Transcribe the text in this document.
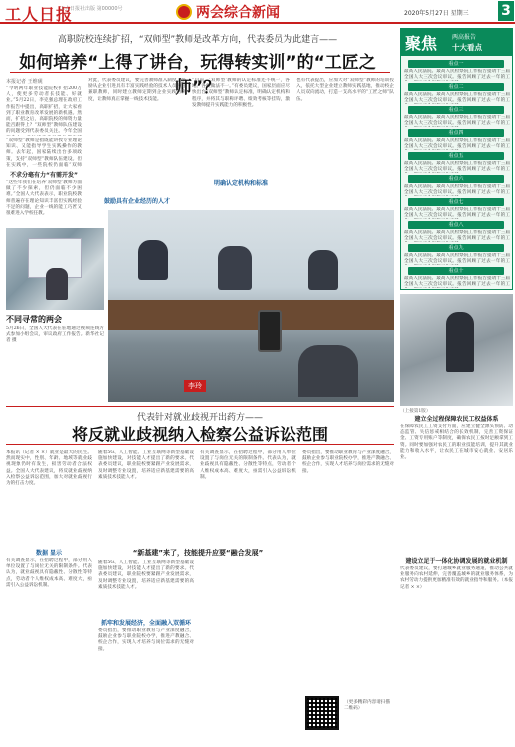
工人日报
工人日报社出版 第00000号	两会综合新闻	2020年5月27日 星期三 3
高职院校连续扩招，“双师型”教师是改革方向，代表委员为此建言——
如何培养“上得了讲台，玩得转实训”的“工匠之师”？
本报记者 王维砚
“今明两年职业技能院校扩招200万人，使更多劳动者长技能、好就业。”5月22日，李克强总理在政府工作报告中提出，高职扩招，让大家看到了职业教育改革发展的新机遇。然而，扩招之后，高职院校的师资力量能否跟得上？“双师型”教师队伍建设的问题受到代表委员关注。今年全国
“双师型”教师是指既能讲授专业理论知识、又能指导学生实践操作的教师。去年起，国家陆续出台多项政策，支持“双师型”教师队伍建设。但在实践中，一些院校仍面临“双师
不求分毫有力“有需开发”
“这些年我们在培养‘双师型’教师方面做了不少探索，但仍面临不少困难。”全国人大代表表示，职业院校教师普遍存在理论知识丰富但实践经验不足的问题，企业一线的能工巧匠又很难进入学校任教。
对此，代表委员建议，要完善教师准入制度，鼓励从企业引进具有丰富实践经验的技术人员担任兼职教师，同时建立教师定期到企业实践的制度，让教师真正掌握一线技术技能。
鼓励具有企业经历的人才
“目前，‘双师型’教师的认定标准还不统一，各地、各校做法不一。”有委员建议，国家层面应尽快出台“双师型”教师认定标准，明确认定机构和程序，并将其与职称评聘、绩效考核等挂钩，激发教师提升实践能力的积极性。
明确认定机构和标准
也有代表提出，应加大对“双师型”教师的培训投入，依托大型企业建立教师实践基地，推动校企人员双向流动，打造一支高水平的“工匠之师”队伍。
不同寻常的两会
5月26日，全国人大代表在驻地通过视频连线方式参加小组会议，审议政府工作报告。新华社记者 摄
李玲
聚焦 两高报告
十大看点
看点一
最高人民法院、最高人民检察院工作报告提请十三届全国人大三次会议审议。报告回顾了过去一年的工
看点二
最高人民法院、最高人民检察院工作报告提请十三届全国人大三次会议审议。报告回顾了过去一年的工
看点三
最高人民法院、最高人民检察院工作报告提请十三届全国人大三次会议审议。报告回顾了过去一年的工
看点四
最高人民法院、最高人民检察院工作报告提请十三届全国人大三次会议审议。报告回顾了过去一年的工
看点五
最高人民法院、最高人民检察院工作报告提请十三届全国人大三次会议审议。报告回顾了过去一年的工
看点六
最高人民法院、最高人民检察院工作报告提请十三届全国人大三次会议审议。报告回顾了过去一年的工
看点七
最高人民法院、最高人民检察院工作报告提请十三届全国人大三次会议审议。报告回顾了过去一年的工
看点八
最高人民法院、最高人民检察院工作报告提请十三届全国人大三次会议审议。报告回顾了过去一年的工
看点九
最高人民法院、最高人民检察院工作报告提请十三届全国人大三次会议审议。报告回顾了过去一年的工
看点十
最高人民法院、最高人民检察院工作报告提请十三届全国人大三次会议审议。报告回顾了过去一年的工
（上接第1版）
建立全过程保障农民工权益体系
在保障农民工工资支付方面，应建立健全源头预防、动态监管、失信惩戒相结合的长效机制，完善工资保证金、工资专用账户等制度，确保农民工按时足额拿到工资。同时要加强对农民工的职业技能培训，提升其就业能力和收入水平，让农民工在城市安心就业、安居乐业。
建设立足于一体化协调发展的就业机制
代表委员建议，要打通城乡就业服务通道，推动公共就业服务向农村延伸，完善覆盖城乡的就业服务体系，为农村劳动力提供更加精准有效的就业指导和服务。（本报记者 × ×）
代表针对就业歧视开出药方——
将反就业歧视纳入检察公益诉讼范围
本报讯（记者 × ×）就业是最大的民生。然而现实中，性别、年龄、地域等就业歧视现象仍时有发生，损害劳动者合法权益。全国人大代表建议，将反就业歧视纳入检察公益诉讼范围，加大对就业歧视行为的打击力度。
数据 显示
有关调查显示，在招聘过程中，部分用人单位设置了与岗位无关的限制条件。代表认为，就业歧视具有隐蔽性、分散性等特点，劳动者个人维权成本高、难度大，亟需引入公益诉讼机制。
随着5G、人工智能、工业互联网等新型基础设施加快建设，对技能人才提出了新的要求。代表委员建议，职业院校要紧跟产业发展需求，及时调整专业设置，培养适应新基建需要的高素质技术技能人才。
“新基建”来了，技能提升应要“融合发展”
随着5G、人工智能、工业互联网等新型基础设施加快建设，对技能人才提出了新的要求。代表委员建议，职业院校要紧跟产业发展需求，及时调整专业设置，培养适应新基建需要的高素质技术技能人才。
抓牢和发展经济，全面融入双循环
委员指出，要推动职业教育与产业深度融合，鼓励企业参与职业院校办学，推进产教融合、校企合作，实现人才培养与岗位需求的无缝对接。
有关调查显示，在招聘过程中，部分用人单位设置了与岗位无关的限制条件。代表认为，就业歧视具有隐蔽性、分散性等特点，劳动者个人维权成本高、难度大，亟需引入公益诉讼机制。
委员指出，要推动职业教育与产业深度融合，鼓励企业参与职业院校办学，推进产教融合、校企合作，实现人才培养与岗位需求的无缝对接。
（更多精彩内容请扫描二维码）
